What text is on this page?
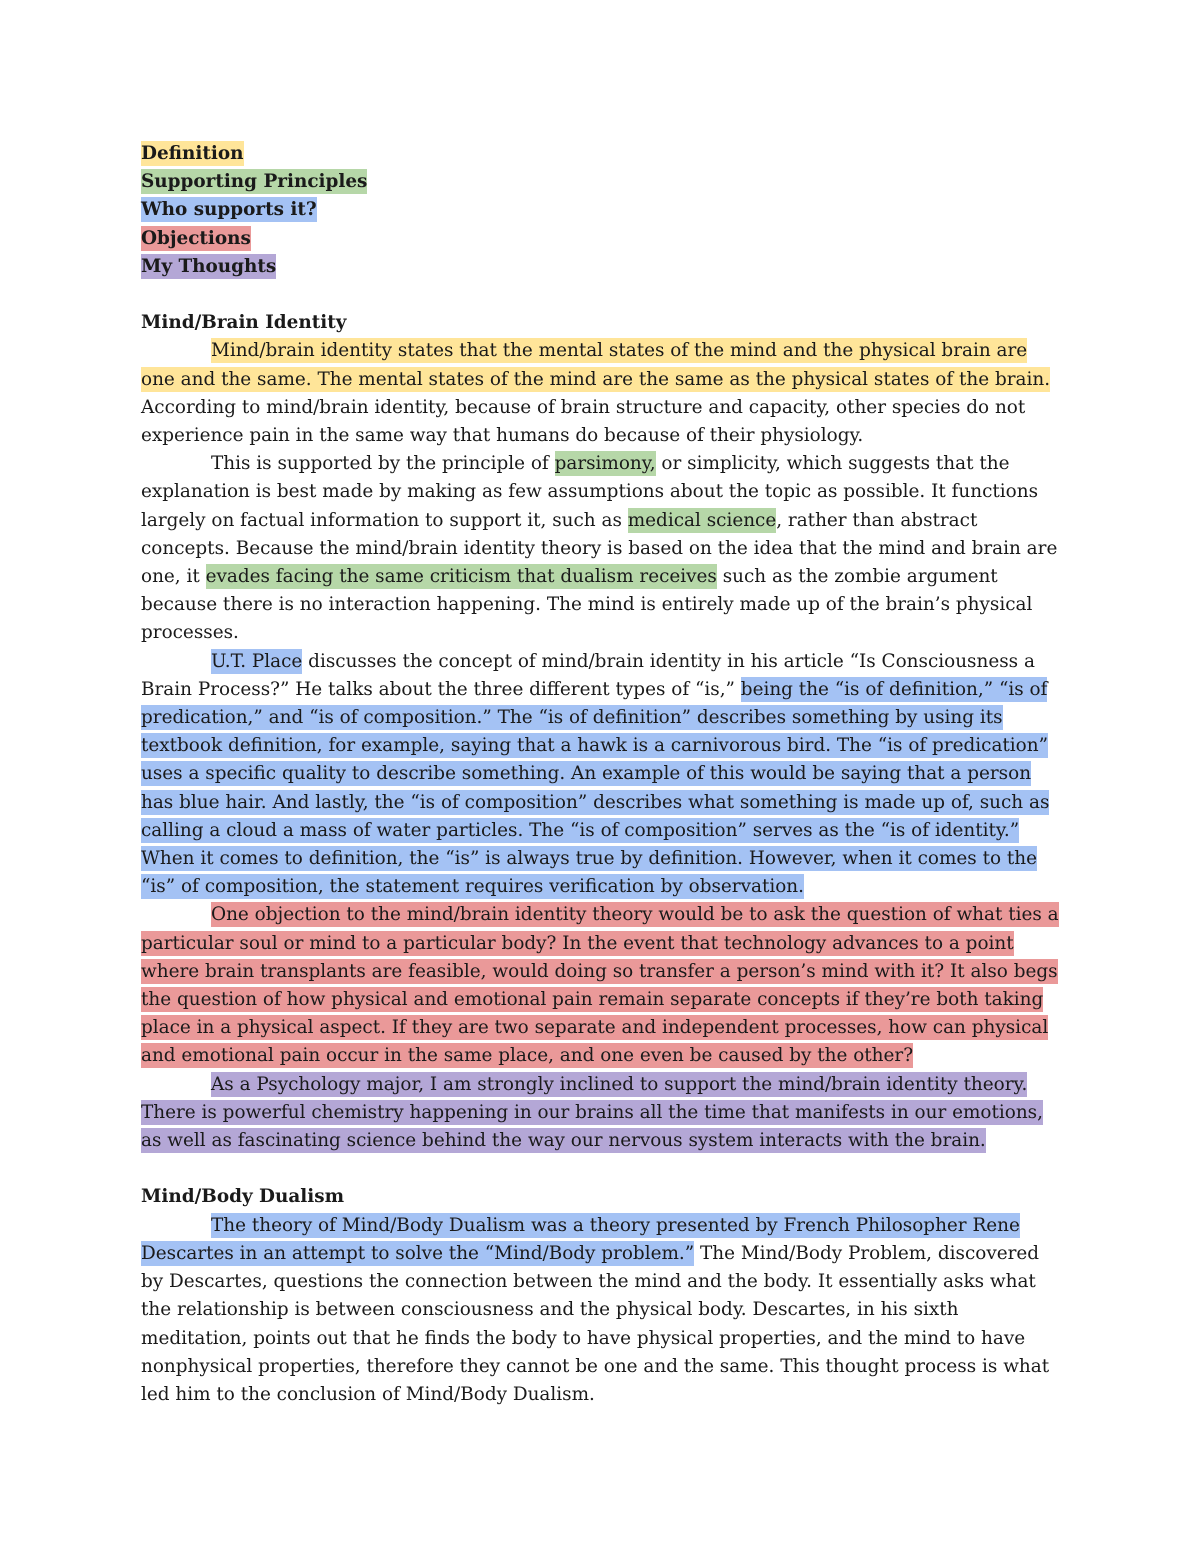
Definition
Supporting Principles
Who supports it?
Objections
My Thoughts
Mind/Brain Identity

Mind/brain identity states that the mental states of the mind and the physical brain are one and the same. The mental states of the mind are the same as the physical states of the brain. According to mind/brain identity, because of brain structure and capacity, other species do not experience pain in the same way that humans do because of their physiology.

This is supported by the principle of parsimony, or simplicity, which suggests that the explanation is best made by making as few assumptions about the topic as possible. It functions largely on factual information to support it, such as medical science, rather than abstract concepts. Because the mind/brain identity theory is based on the idea that the mind and brain are one, it evades facing the same criticism that dualism receives such as the zombie argument because there is no interaction happening. The mind is entirely made up of the brain’s physical processes.

U.T. Place discusses the concept of mind/brain identity in his article “Is Consciousness a Brain Process?” He talks about the three different types of “is,” being the “is of definition,” “is of predication,” and “is of composition.” The “is of definition” describes something by using its textbook definition, for example, saying that a hawk is a carnivorous bird. The “is of predication” uses a specific quality to describe something. An example of this would be saying that a person has blue hair. And lastly, the “is of composition” describes what something is made up of, such as calling a cloud a mass of water particles. The “is of composition” serves as the “is of identity.” When it comes to definition, the “is” is always true by definition. However, when it comes to the “is” of composition, the statement requires verification by observation.

One objection to the mind/brain identity theory would be to ask the question of what ties a particular soul or mind to a particular body? In the event that technology advances to a point where brain transplants are feasible, would doing so transfer a person’s mind with it? It also begs the question of how physical and emotional pain remain separate concepts if they’re both taking place in a physical aspect. If they are two separate and independent processes, how can physical and emotional pain occur in the same place, and one even be caused by the other?

As a Psychology major, I am strongly inclined to support the mind/brain identity theory. There is powerful chemistry happening in our brains all the time that manifests in our emotions, as well as fascinating science behind the way our nervous system interacts with the brain.

Mind/Body Dualism

The theory of Mind/Body Dualism was a theory presented by French Philosopher Rene Descartes in an attempt to solve the “Mind/Body problem.” The Mind/Body Problem, discovered by Descartes, questions the connection between the mind and the body. It essentially asks what the relationship is between consciousness and the physical body. Descartes, in his sixth meditation, points out that he finds the body to have physical properties, and the mind to have nonphysical properties, therefore they cannot be one and the same. This thought process is what led him to the conclusion of Mind/Body Dualism.
